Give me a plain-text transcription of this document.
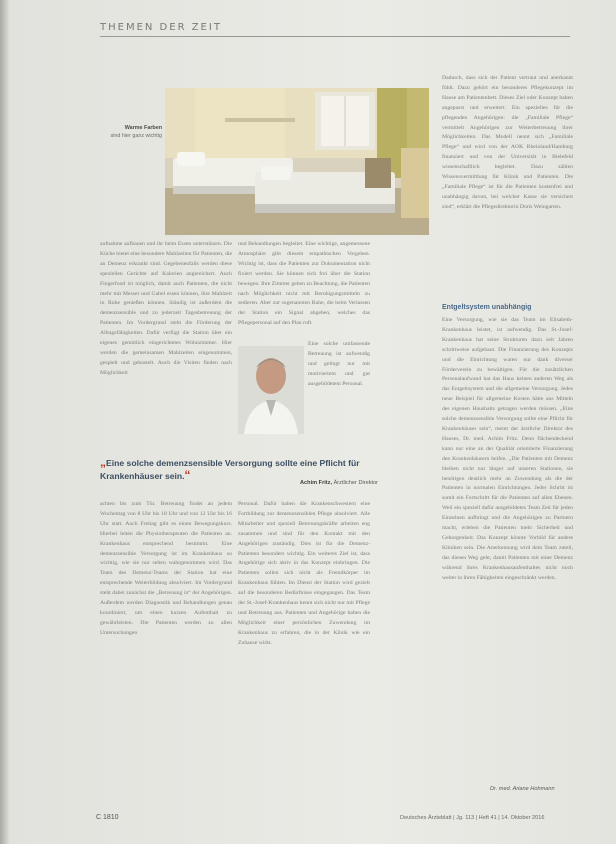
THEMEN DER ZEIT
Warme Farben
sind hier ganz wichtig

aufnahme aufbauen und ihr beim Essen unterstützen. Die Küche bietet eine besondere Mahlzeiten für Patienten, die an Demenz erkrankt sind. Gegebenenfalls werden diese speziellen Gerichte auf Kalorien angereichert. Auch Fingerfood ist möglich, damit auch Patienten, die nicht mehr mit Messer und Gabel essen können, ihre Mahlzeit in Ruhe genießen können. Ständig ist außerdem die demenzsensible und zu jederzeit Tagesbetreuung der Patienten. Im Vordergrund steht die Förderung der Alltagsfähigkeiten. Dafür verfügt die Station über ein eigenes gemütlich eingerichtetes Wohnzimmer. Hier werden die gemeinsamen Mahlzeiten eingenommen, gespielt und gebastelt. Auch die Visiten finden nach Möglichkeit

und Behandlungen begleitet. Eine wichtige, angemessene Atmosphäre gibt diesem empathischen Vorgehen. Wichtig ist, dass die Patienten zur Dokumentation nicht fixiert werden. Sie können sich frei über die Station bewegen. Ihre Zimmer gehen zu Beachtung, die Patienten nach Möglichkeit nicht mit Beruhigungsmitteln zu sedieren. Aber zur sogenannten Ruhe, die beim Verlassen der Station ein Signal abgeben, welches das Pflegepersonal auf den Plan ruft.

Eine solche umfassende Betreuung ist aufwendig und gelingt nur mit motiviertem und gut ausgebildetem Personal.

Dadurch, dass sich der Patient vertraut und anerkannt fühlt. Dazu gehört ein besonderes Pflegekonzept im Hause am Patientenbett. Dieses Ziel oder Konzept haben angepasst und erweitert. Ein spezielles für die pflegenden Angehörigen: die „Familiale Pflege“ vermittelt Angehörigen zur Weiterbetreuung ihrer Möglichkeiten. Das Modell nennt sich „Familiale Pflege“ und wird von der AOK Rheinland/Hamburg finanziert und von der Universität in Bielefeld wissenschaftlich begleitet. Dazu zählen Wissensvermittlung für Klinik und Patienten. Die „Familiale Pflege“ ist für die Patienten kostenfrei und unabhängig davon, bei welcher Kasse sie versichert sind“, erklärt die Pflegedirektorin Doris Weingarten.

Entgeltsystem unabhängig

Eine Versorgung, wie sie das Team im Elisabeth-Krankenhaus leistet, ist aufwendig. Das St.-Josef-Krankenhaus hat seine Strukturen dazu seit Jahren schrittweise aufgebaut. Die Finanzierung des Konzepts und die Einrichtung waren nur dank diverser Förderverein zu bewältigen. Für die zusätzlichen Personalaufwand hat das Haus keinen anderen Weg als das Entgeltsystem und die allgemeine Versorgung. Jedes neue Beispiel für allgemeine Kosten hätte aus Mitteln des eigenen Haushalts getragen werden müssen. „Eine solche demenzsensible Versorgung sollte eine Pflicht für Krankenhäuser sein“, meint der ärztliche Direktor des Hauses, Dr. med. Achim Fritz. Denn flächendeckend kann nur eine an der Qualität orientierte Finanzierung den Krankenhäusern helfen. „Die Patienten mit Demenz bleiben nicht nur länger auf unseren Stationen, sie benötigen deutlich mehr an Zuwendung als die der Patienten in normalen Einrichtungen. Jeder Schritt ist somit ein Fortschritt für die Patienten auf allen Ebenen. Weil ein speziell dafür ausgebildetes Team Zeit für jeden Einzelnen aufbringt und die Angehörigen zu Partnern macht, erleben die Patienten mehr Sicherheit und Geborgenheit. Das Konzept könnte Vorbild für andere Kliniken sein. Die Anerkennung wird dem Team zuteil, das diesen Weg geht, damit Patienten mit einer Demenz während ihres Krankenhausaufenthaltes nicht noch weiter in ihren Fähigkeiten eingeschränkt werden.

„Eine solche demenzsensible Versorgung sollte eine Pflicht für Krankenhäuser sein.“
Achim Fritz, Ärztlicher Direktor

achten bis zum Tür. Betreuung findet an jedem Wochentag von 8 Uhr bis 18 Uhr und von 12 Uhr bis 16 Uhr statt. Auch Freitag gibt es einen Bewegungskurs. Hierbei leiten die Physiotherapeuten die Patienten an. Krankenhaus entsprechend bestimmt. Eine demenzsensible Versorgung ist im Krankenhaus so wichtig, wie sie nur selten wahrgenommen wird. Das Team des Demenz-Teams der Station hat eine entsprechende Weiterbildung absolviert. Im Vordergrund steht dabei zunächst die „Betreuung in“ der Angehörigen. Außerdem werden Diagnostik und Behandlungen genau koordiniert, um einen kurzen Aufenthalt zu gewährleisten. Die Patienten werden zu allen Untersuchungen

Personal. Dafür haben die Krankenschwestern eine Fortbildung zur demenzsensiblen Pflege absolviert. Alle Mitarbeiter und speziell Betreuungskräfte arbeiten eng zusammen und sind für den Kontakt mit den Angehörigen zuständig. Dies ist für die Demenz-Patienten besonders wichtig. Ein weiteres Ziel ist, dass Angehörige sich aktiv in das Konzept einbringen. Die Patienten sollen sich nicht als Fremdkörper im Krankenhaus fühlen. Im Dienst der Station wird gezielt auf die besonderen Bedürfnisse eingegangen. Das Team der St.-Josef-Krankenhaus kennt sich nicht nur mit Pflege und Betreuung aus. Patienten und Angehörige haben die Möglichkeit einer persönlichen Zuwendung im Krankenhaus zu erfahren, die in der Klinik wie ein Zuhause wirkt.

Dr. med. Ariane Hohmann
C 1810	Deutsches Ärzteblatt | Jg. 113 | Heft 41 | 14. Oktober 2016
